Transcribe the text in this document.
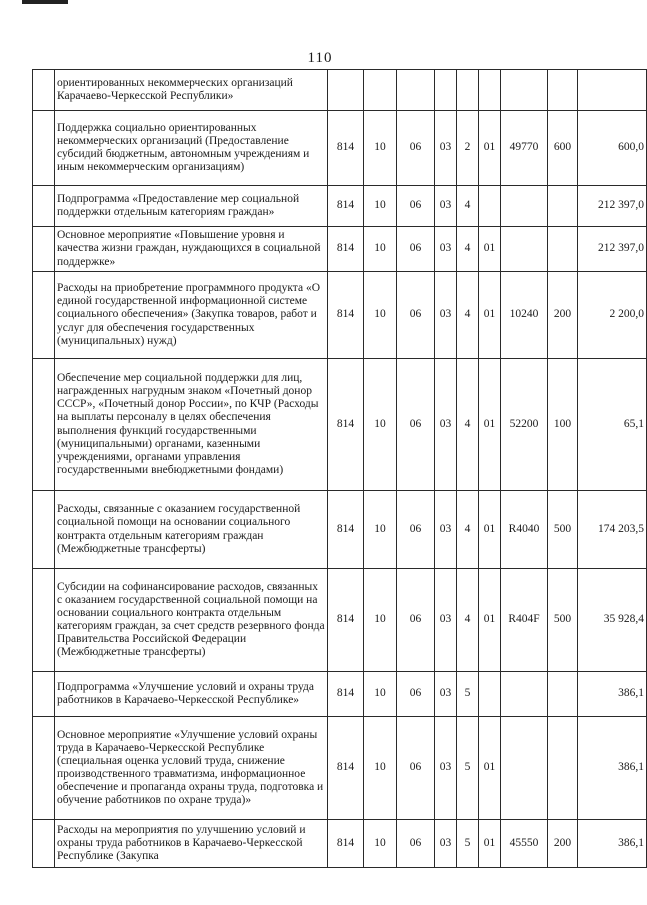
110
	ориентированных некоммерческих организаций Карачаево-Черкесской Республики»									
	Поддержка социально ориентированных некоммерческих организаций (Предоставление субсидий бюджетным, автономным учреждениям и иным некоммерческим организациям)	814	10	06	03	2	01	49770	600	600,0
	Подпрограмма «Предоставление мер социальной поддержки отдельным категориям граждан»	814	10	06	03	4				212 397,0
	Основное мероприятие «Повышение уровня и качества жизни граждан, нуждающихся в социальной поддержке»	814	10	06	03	4	01			212 397,0
	Расходы на приобретение программного продукта «О единой государственной информационной системе социального обеспечения» (Закупка товаров, работ и услуг для обеспечения государственных (муниципальных) нужд)	814	10	06	03	4	01	10240	200	2 200,0
	Обеспечение мер социальной поддержки для лиц, награжденных нагрудным знаком «Почетный донор СССР», «Почетный донор России», по КЧР (Расходы на выплаты персоналу в целях обеспечения выполнения функций государственными (муниципальными) органами, казенными учреждениями, органами управления государственными внебюджетными фондами)	814	10	06	03	4	01	52200	100	65,1
	Расходы, связанные с оказанием государственной социальной помощи на основании социального контракта отдельным категориям граждан (Межбюджетные трансферты)	814	10	06	03	4	01	R4040	500	174 203,5
	Субсидии на софинансирование расходов, связанных с оказанием государственной социальной помощи на основании социального контракта отдельным категориям граждан, за счет средств резервного фонда Правительства Российской Федерации (Межбюджетные трансферты)	814	10	06	03	4	01	R404F	500	35 928,4
	Подпрограмма «Улучшение условий и охраны труда работников в Карачаево-Черкесской Республике»	814	10	06	03	5				386,1
	Основное мероприятие «Улучшение условий охраны труда в Карачаево-Черкесской Республике (специальная оценка условий труда, снижение производственного травматизма, информационное обеспечение и пропаганда охраны труда, подготовка и обучение работников по охране труда)»	814	10	06	03	5	01			386,1
	Расходы на мероприятия по улучшению условий и охраны труда работников в Карачаево-Черкесской Республике (Закупка	814	10	06	03	5	01	45550	200	386,1
